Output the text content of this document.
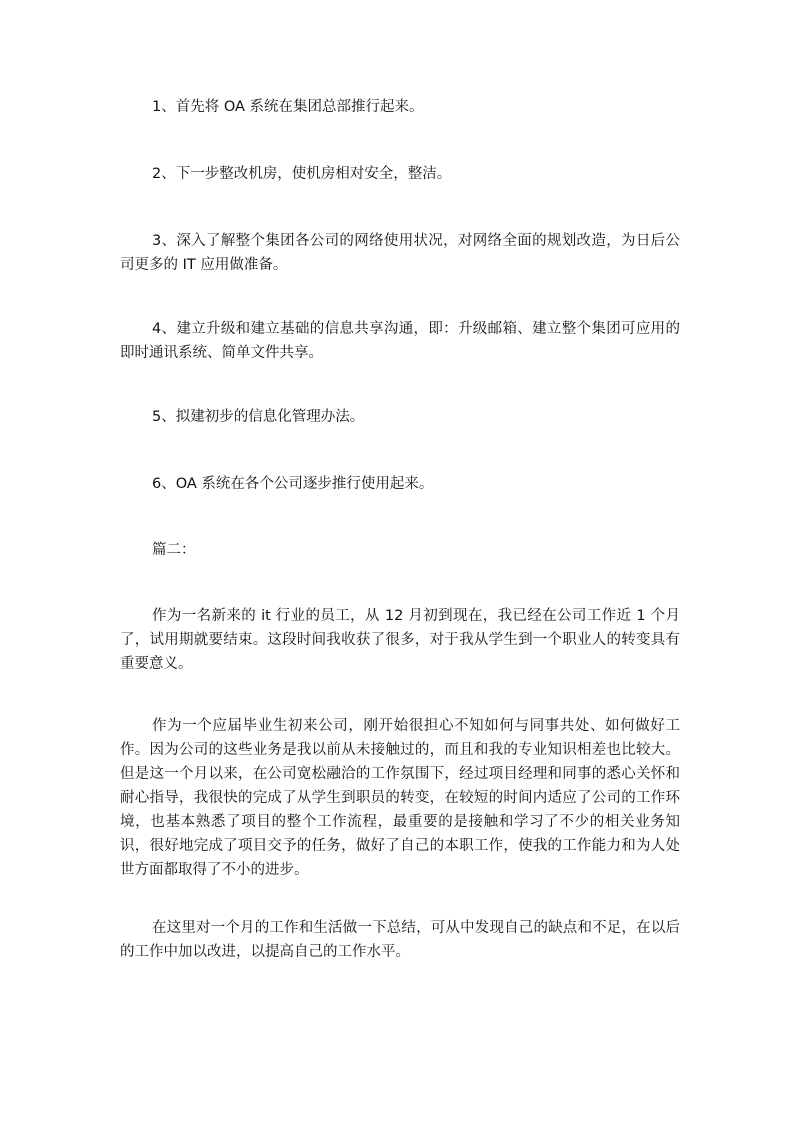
1、首先将 OA 系统在集团总部推行起来。

2、下一步整改机房，使机房相对安全，整洁。

3、深入了解整个集团各公司的网络使用状况，对网络全面的规划改造，为日后公司更多的 IT 应用做准备。

4、建立升级和建立基础的信息共享沟通，即：升级邮箱、建立整个集团可应用的即时通讯系统、简单文件共享。

5、拟建初步的信息化管理办法。

6、OA 系统在各个公司逐步推行使用起来。

篇二：

作为一名新来的 it 行业的员工，从 12 月初到现在，我已经在公司工作近 1 个月了，试用期就要结束。这段时间我收获了很多，对于我从学生到一个职业人的转变具有重要意义。

作为一个应届毕业生初来公司，刚开始很担心不知如何与同事共处、如何做好工作。因为公司的这些业务是我以前从未接触过的，而且和我的专业知识相差也比较大。但是这一个月以来，在公司宽松融洽的工作氛围下，经过项目经理和同事的悉心关怀和耐心指导，我很快的完成了从学生到职员的转变，在较短的时间内适应了公司的工作环境，也基本熟悉了项目的整个工作流程，最重要的是接触和学习了不少的相关业务知识，很好地完成了项目交予的任务，做好了自己的本职工作，使我的工作能力和为人处世方面都取得了不小的进步。

在这里对一个月的工作和生活做一下总结，可从中发现自己的缺点和不足，在以后的工作中加以改进，以提高自己的工作水平。
